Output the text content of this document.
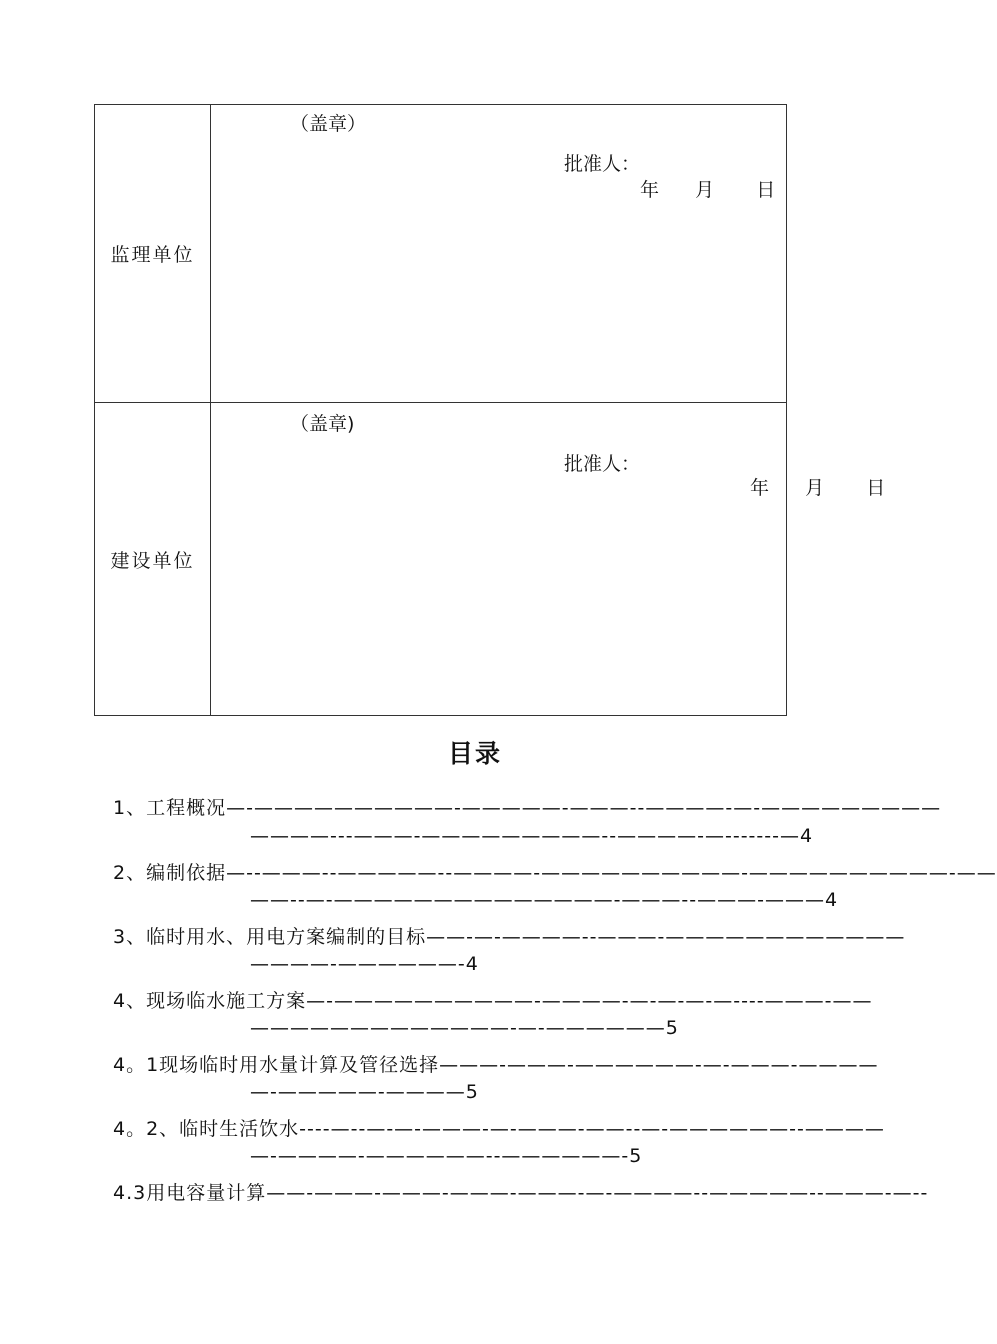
监理单位
（盖章）
批准人：
年 月 日
建设单位
（盖章)
批准人：
年 月 日
目录
1、工程概况—-——————————-—————-———--————-—-—————————
————---———-—————————--————-—-------—4
2、编制依据—--———--—————--————-——————————-——————————-——
——--—-——————————————-———--———-———4
3、临时用水、用电方案编制的目标——-—-————--———-————————————
————-——————-4
4、现场临水施工方案—-——————————-————-—-—-—-—----———-——
—————————————-—-——————5
4。1现场临时用水量计算及管径选择———-———-——————-—-———-————
—-—————-————5
4。2、临时生活饮水----—--—-—-———-—-———-——--—-——————--————
—-————-——————--——————-5
4.3用电容量计算——-———-———-———-———-—-————--—————--———-—--
